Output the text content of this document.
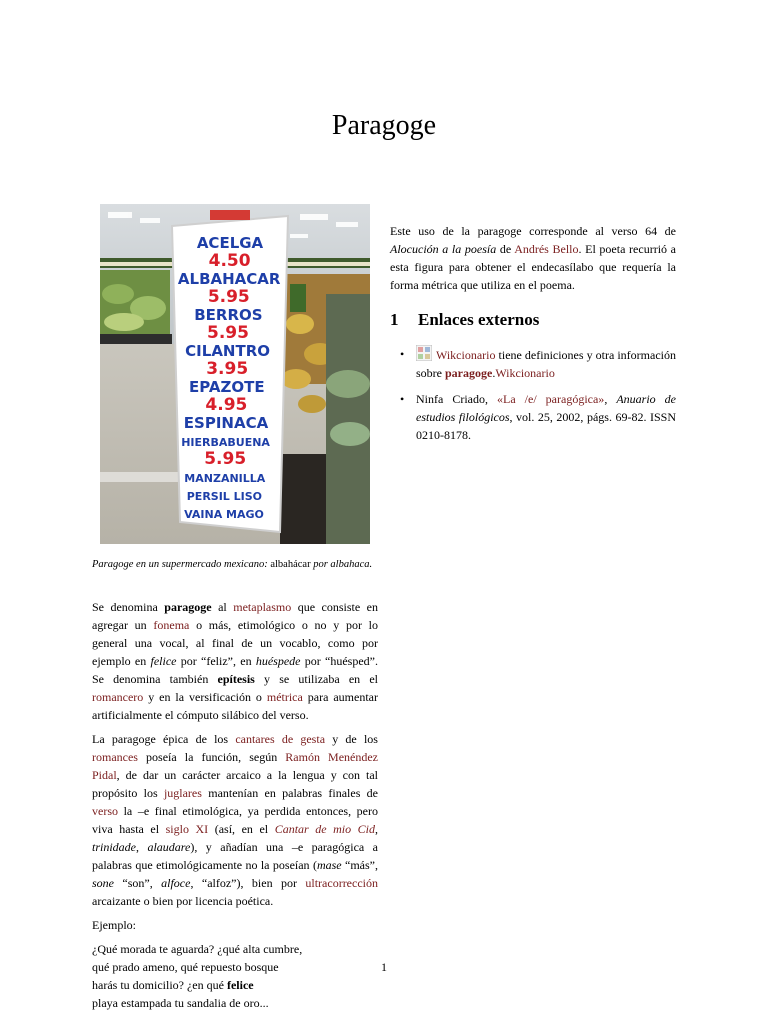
Paragoge
ACELGA
4.50
ALBAHACAR
5.95
BERROS
5.95
CILANTRO
3.95
EPAZOTE
4.95
ESPINACA
HIERBABUENA
5.95
MANZANILLA
PERSIL LISO
VAINA MAGO
Paragoge en un supermercado mexicano: albahácar por albahaca.

Se denomina paragoge al metaplasmo que consiste en agregar un fonema o más, etimológico o no y por lo general una vocal, al final de un vocablo, como por ejemplo en felice por “feliz”, en huéspede por “huésped”. Se denomina también epítesis y se utilizaba en el romancero y en la versificación o métrica para aumentar artificialmente el cómputo silábico del verso.

La paragoge épica de los cantares de gesta y de los romances poseía la función, según Ramón Menéndez Pidal, de dar un carácter arcaico a la lengua y con tal propósito los juglares mantenían en palabras finales de verso la –e final etimológica, ya perdida entonces, pero viva hasta el siglo XI (así, en el Cantar de mio Cid, trinidade, alaudare), y añadían una –e paragógica a palabras que etimológicamente no la poseían (mase “más”, sone “son”, alfoce, “alfoz”), bien por ultracorrección arcaizante o bien por licencia poética.

Ejemplo:

¿Qué morada te aguarda? ¿qué alta cumbre,
qué prado ameno, qué repuesto bosque
harás tu domicilio? ¿en qué felice
playa estampada tu sandalia de oro...

Este uso de la paragoge corresponde al verso 64 de Alocución a la poesía de Andrés Bello. El poeta recurrió a esta figura para obtener el endecasílabo que requería la forma métrica que utiliza en el poema.

1 Enlaces externos
• Wikcionario tiene definiciones y otra información sobre paragoge.Wikcionario
• Ninfa Criado, «La /e/ paragógica», Anuario de estudios filológicos, vol. 25, 2002, págs. 69-82. ISSN 0210-8178.
1
